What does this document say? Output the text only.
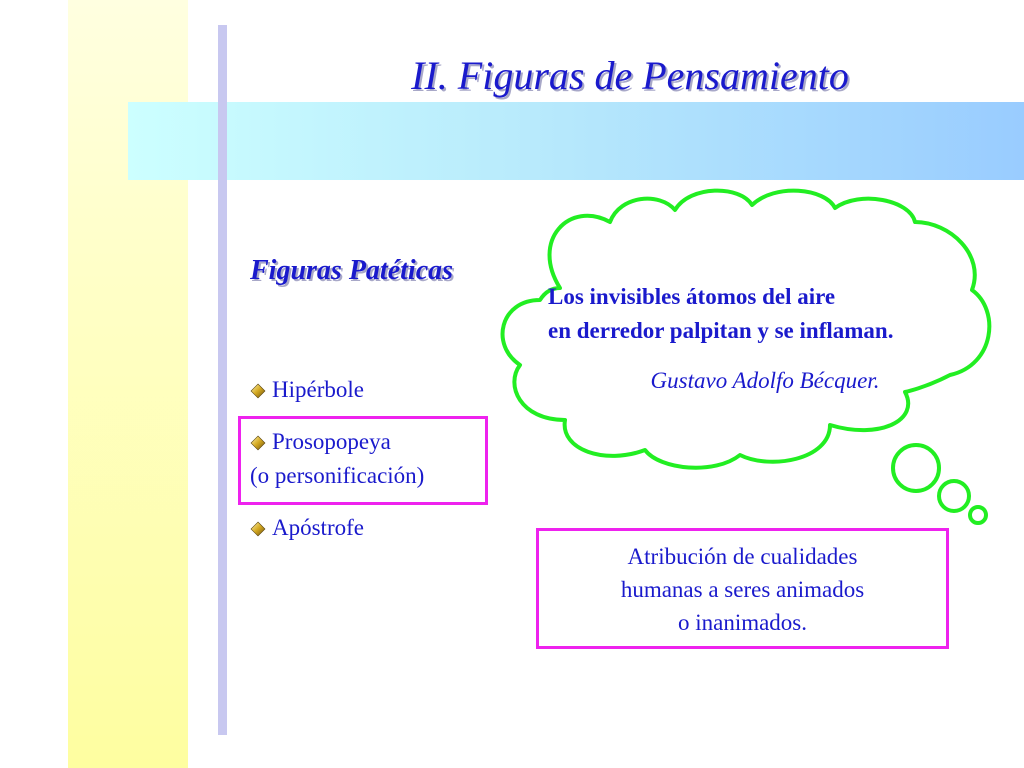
II. Figuras de Pensamiento
Figuras Patéticas
Hipérbole
Prosopopeya
(o personificación)
Apóstrofe
Los invisibles átomos del aire
en derredor palpitan y se inflaman.
Gustavo Adolfo Bécquer.
Atribución de cualidades
humanas a seres animados
o inanimados.
